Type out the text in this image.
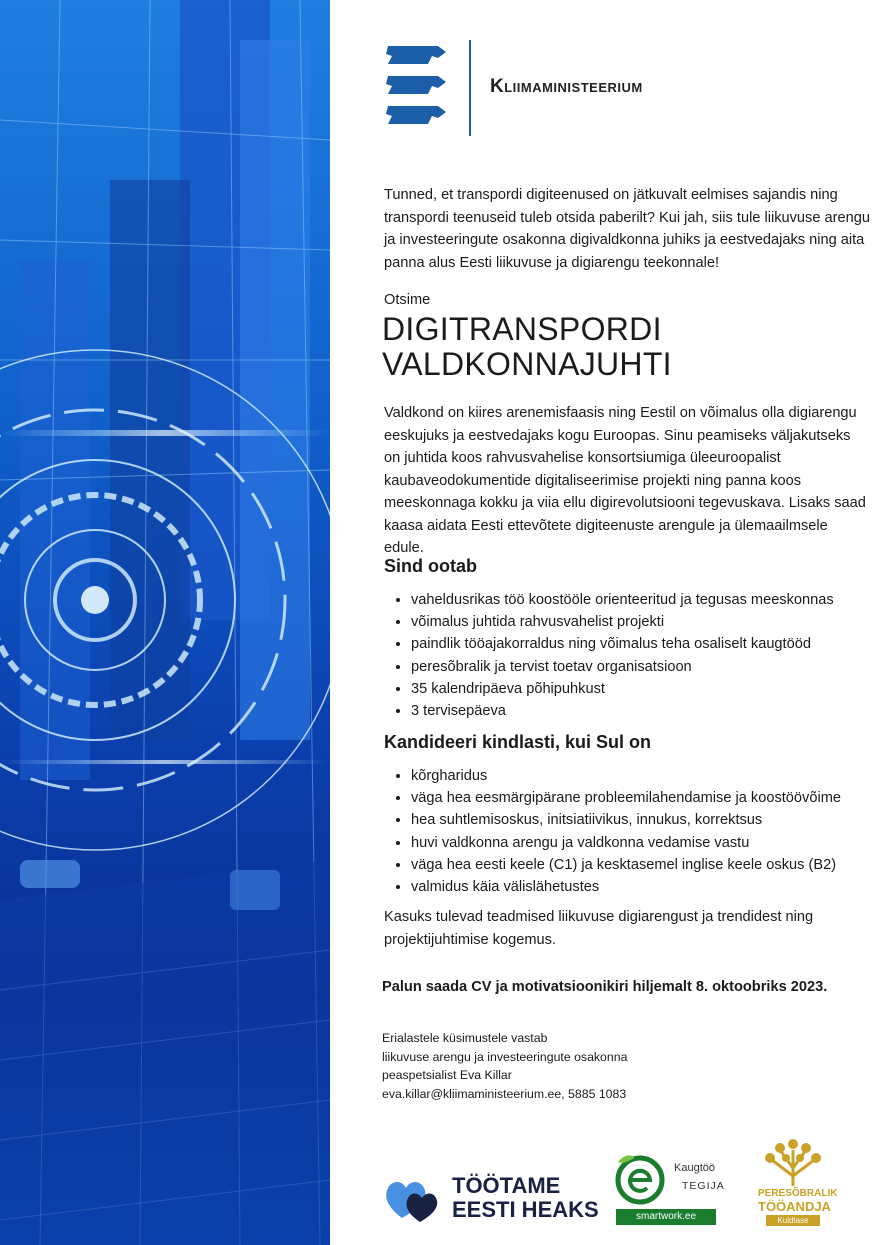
Kliimaministeerium

Tunned, et transpordi digiteenused on jätkuvalt eelmises sajandis ning transpordi teenuseid tuleb otsida paberilt? Kui jah, siis tule liikuvuse arengu ja investeeringute osakonna digivaldkonna juhiks ja eestvedajaks ning aita panna alus Eesti liikuvuse ja digiarengu teekonnale!

Otsime
DIGITRANSPORDI
VALDKONNAJUHTI

Valdkond on kiires arenemisfaasis ning Eestil on võimalus olla digiarengu eeskujuks ja eestvedajaks kogu Euroopas. Sinu peamiseks väljakutseks on juhtida koos rahvusvahelise konsortsiumiga üleeuroopalist kaubaveodokumentide digitaliseerimise projekti ning panna koos meeskonnaga kokku ja viia ellu digirevolutsiooni tegevuskava. Lisaks saad kaasa aidata Eesti ettevõtete digiteenuste arengule ja ülemaailmsele edule.

Sind ootab
• vaheldusrikas töö koostööle orienteeritud ja tegusas meeskonnas
• võimalus juhtida rahvusvahelist projekti
• paindlik tööajakorraldus ning võimalus teha osaliselt kaugtööd
• peresõbralik ja tervist toetav organisatsioon
• 35 kalendripäeva põhipuhkust
• 3 tervisepäeva
Kandideeri kindlasti, kui Sul on
• kõrgharidus
• väga hea eesmärgipärane probleemilahendamise ja koostöövõime
• hea suhtlemisoskus, initsiatiivikus, innukus, korrektsus
• huvi valdkonna arengu ja valdkonna vedamise vastu
• väga hea eesti keele (C1) ja kesktasemel inglise keele oskus (B2)
• valmidus käia välislähetustes

Kasuks tulevad teadmised liikuvuse digiarengust ja trendidest ning projektijuhtimise kogemus.

Palun saada CV ja motivatsioonikiri hiljemalt 8. oktoobriks 2023.
Erialastele küsimustele vastab
liikuvuse arengu ja investeeringute osakonna
peaspetsialist Eva Killar
eva.killar@kliimaministeerium.ee, 5885 1083
TÖÖTAME
EESTI HEAKS
Kaugtöö
TEGIJA
smartwork.ee
PERESÕBRALIK
TÖÖANDJA
Kuldtase
